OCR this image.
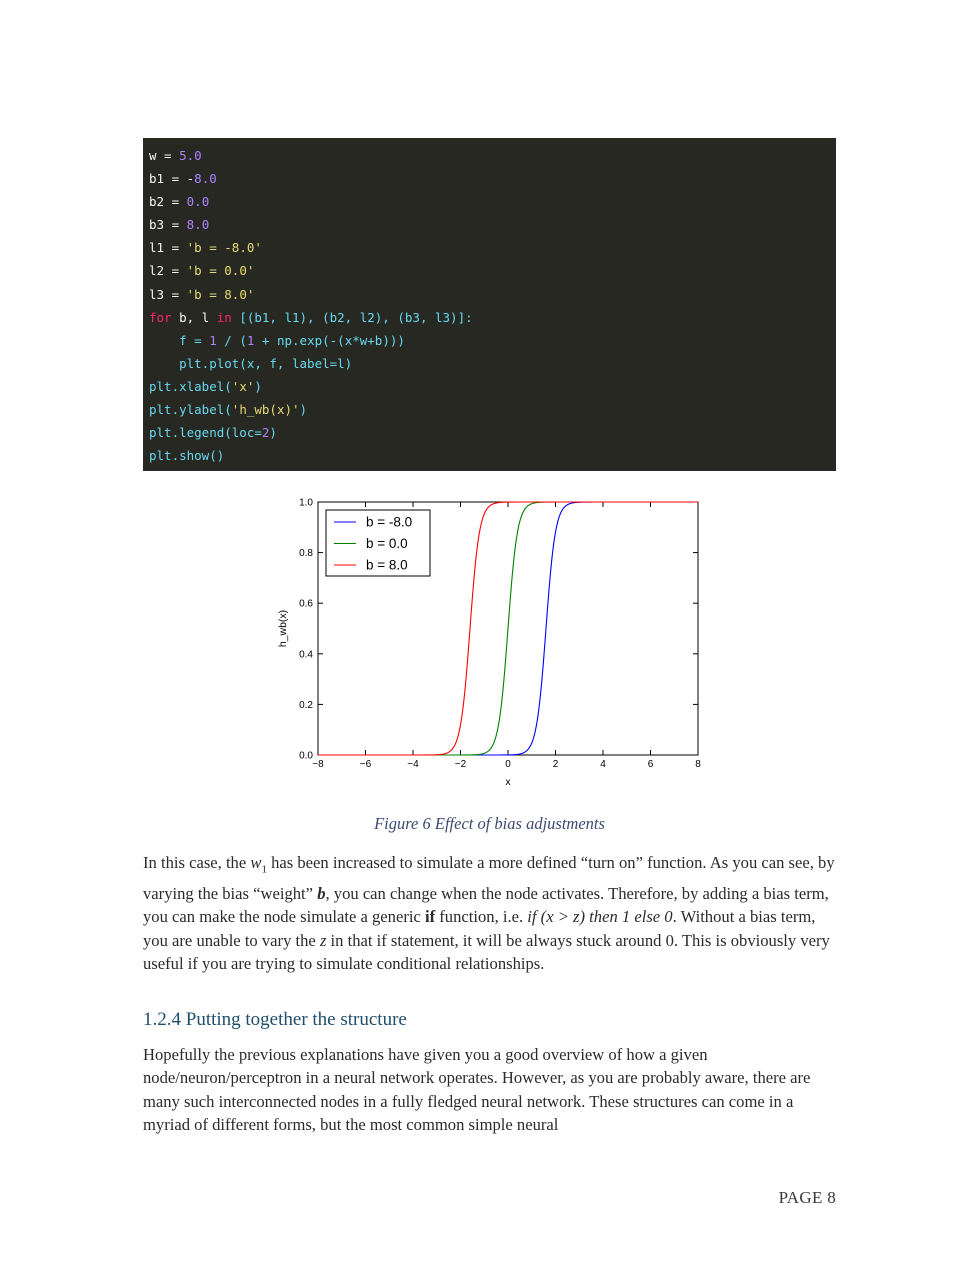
w = 5.0
b1 = -8.0
b2 = 0.0
b3 = 8.0
l1 = 'b = -8.0'
l2 = 'b = 0.0'
l3 = 'b = 8.0'
for b, l in [(b1, l1), (b2, l2), (b3, l3)]:
f = 1 / (1 + np.exp(-(x*w+b)))
plt.plot(x, f, label=l)
plt.xlabel('x')
plt.ylabel('h_wb(x)')
plt.legend(loc=2)
plt.show()
−8	−6	−4	−2	0	2	4	6	8
0.0
0.2
0.4
0.6
0.8
1.0
x
h_wb(x)
b = -8.0
b = 0.0
b = 8.0
Figure 6 Effect of bias adjustments
In this case, the $w_1$ has been increased to simulate a more defined “turn on” function. As you can see, by varying the bias “weight” b, you can change when the node activates. Therefore, by adding a bias term, you can make the node simulate a generic if function, i.e. if (x > z) then 1 else 0. Without a bias term, you are unable to vary the z in that if statement, it will be always stuck around 0. This is obviously very useful if you are trying to simulate conditional relationships.
1.2.4 Putting together the structure
Hopefully the previous explanations have given you a good overview of how a given node/neuron/perceptron in a neural network operates. However, as you are probably aware, there are many such interconnected nodes in a fully fledged neural network. These structures can come in a myriad of different forms, but the most common simple neural
PAGE 8
